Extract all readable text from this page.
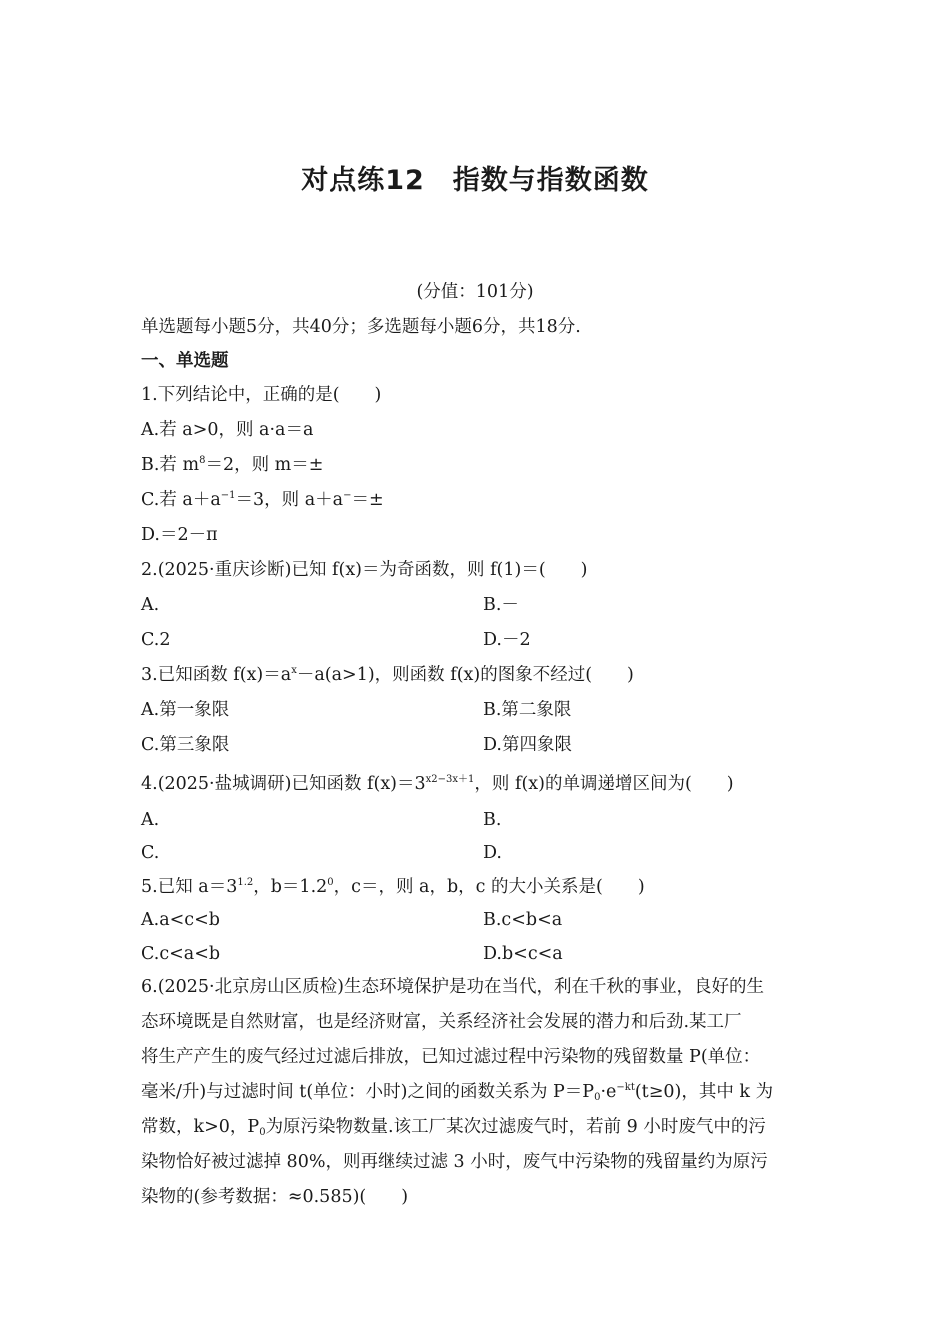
对点练12　指数与指数函数
(分值：101分)
单选题每小题5分，共40分；多选题每小题6分，共18分.
一、单选题
1.下列结论中，正确的是(　　)
A.若 a>0，则 a·a＝a
B.若 $m^8=2$，则 m＝±
C.若 $a+a^{-1}=3$，则 a＋a−＝±
D.＝2－π
2.(2025·重庆诊断)已知 f(x)＝为奇函数，则 f(1)＝(　　)
A.	B.－
C.2	D.－2
3.已知函数 $f(x)=a^x-a(a>1)$，则函数 f(x)的图象不经过(　　)
A.第一象限	B.第二象限
C.第三象限	D.第四象限
4.(2025·盐城调研)已知函数 $f(x)=3^{x2-3x+1}$，则 f(x)的单调递增区间为(　　)
A.	B.
C.	D.
5.已知 $a=3^{1.2}$，$b=1.2^0$，c＝，则 a，b，c 的大小关系是(　　)
A.a<c<b	B.c<b<a
C.c<a<b	D.b<c<a
6.(2025·北京房山区质检)生态环境保护是功在当代，利在千秋的事业，良好的生
态环境既是自然财富，也是经济财富，关系经济社会发展的潜力和后劲.某工厂
将生产产生的废气经过过滤后排放，已知过滤过程中污染物的残留数量 P(单位：
毫米/升)与过滤时间 t(单位：小时)之间的函数关系为 $P=P_0\cdot e^{-kt}(t\ge 0)$，其中 k 为
常数，k>0，$P_0$为原污染物数量.该工厂某次过滤废气时，若前 9 小时废气中的污
染物恰好被过滤掉 80%，则再继续过滤 3 小时，废气中污染物的残留量约为原污
染物的(参考数据：≈0.585)(　　)
